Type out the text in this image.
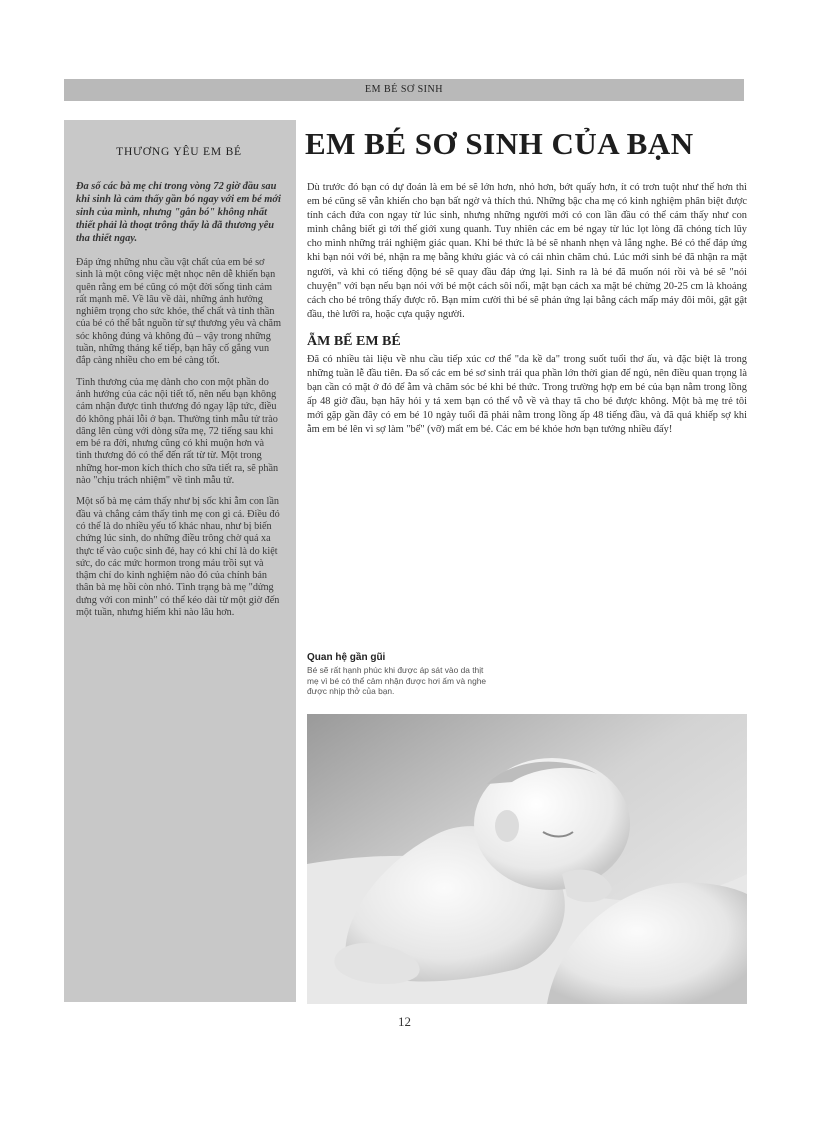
EM BÉ SƠ SINH
THƯƠNG YÊU EM BÉ

Đa số các bà mẹ chỉ trong vòng 72 giờ đầu sau khi sinh là cảm thấy gần bó ngay với em bé mới sinh của mình, nhưng "gắn bó" không nhất thiết phải là thoạt trông thấy là đã thương yêu tha thiết ngay.

Đáp ứng những nhu cầu vật chất của em bé sơ sinh là một công việc mệt nhọc nên dễ khiến bạn quên rằng em bé cũng có một đời sống tình cảm rất mạnh mẽ. Về lâu về dài, những ảnh hưởng nghiêm trọng cho sức khỏe, thể chất và tinh thần của bé có thể bắt nguồn từ sự thương yêu và chăm sóc không đúng và không đủ – vậy trong những tuần, những tháng kế tiếp, bạn hãy cố gắng vun đắp càng nhiều cho em bé càng tốt.

Tình thương của mẹ dành cho con một phần do ảnh hưởng của các nội tiết tố, nên nếu bạn không cảm nhận được tình thương đó ngay lập tức, điều đó không phải lỗi ở bạn. Thường tình mẫu tử trào dâng lên cùng với dòng sữa mẹ, 72 tiếng sau khi em bé ra đời, nhưng cũng có khi muộn hơn và tình thương đó có thể đến rất từ từ. Một trong những hor-mon kích thích cho sữa tiết ra, sẽ phần nào "chịu trách nhiệm" về tình mẫu tử.

Một số bà mẹ cảm thấy như bị sốc khi ẵm con lần đầu và chẳng cảm thấy tình mẹ con gì cả. Điều đó có thể là do nhiều yếu tố khác nhau, như bị biến chứng lúc sinh, do những điều trông chờ quá xa thực tế vào cuộc sinh đẻ, hay có khi chỉ là do kiệt sức, do các mức hormon trong máu trồi sụt và thậm chí do kinh nghiệm nào đó của chính bản thân bà mẹ hồi còn nhỏ. Tình trạng bà mẹ "dửng dưng với con mình" có thể kéo dài từ một giờ đến một tuần, nhưng hiếm khi nào lâu hơn.

EM BÉ SƠ SINH CỦA BẠN

Dù trước đó bạn có dự đoán là em bé sẽ lớn hơn, nhỏ hơn, bớt quấy hơn, ít có trơn tuột như thế hơn thì em bé cũng sẽ vẫn khiến cho bạn bất ngờ và thích thú. Những bậc cha mẹ có kinh nghiệm phân biệt được tính cách đứa con ngay từ lúc sinh, nhưng những người mới có con lần đầu có thể cảm thấy như con mình chẳng biết gì tới thế giới xung quanh. Tuy nhiên các em bé ngay từ lúc lọt lòng đã chóng tích lũy cho mình những trải nghiệm giác quan. Khi bé thức là bé sẽ nhanh nhẹn và lắng nghe. Bé có thể đáp ứng khi bạn nói với bé, nhận ra mẹ bằng khứu giác và có cái nhìn chăm chú. Lúc mới sinh bé đã nhận ra mặt người, và khi có tiếng động bé sẽ quay đầu đáp ứng lại. Sinh ra là bé đã muốn nói rồi và bé sẽ "nói chuyện" với bạn nếu bạn nói với bé một cách sôi nổi, mặt bạn cách xa mặt bé chừng 20-25 cm là khoảng cách cho bé trông thấy được rõ. Bạn mỉm cười thì bé sẽ phản ứng lại bằng cách mấp máy đôi môi, gật gật đầu, thè lưỡi ra, hoặc cựa quậy người.

ẴM BẾ EM BÉ

Đã có nhiều tài liệu về nhu cầu tiếp xúc cơ thể "da kề da" trong suốt tuổi thơ ấu, và đặc biệt là trong những tuần lễ đầu tiên. Đa số các em bé sơ sinh trải qua phần lớn thời gian để ngủ, nên điều quan trọng là bạn cần có mặt ở đó để ẵm và chăm sóc bé khi bé thức. Trong trường hợp em bé của bạn nằm trong lồng ấp 48 giờ đầu, bạn hãy hỏi y tá xem bạn có thể vỗ về và thay tã cho bé được không. Một bà mẹ trẻ tôi mới gặp gần đây có em bé 10 ngày tuổi đã phải nằm trong lồng ấp 48 tiếng đầu, và đã quá khiếp sợ khi ẵm em bé lên vì sợ làm "bể" (vỡ) mất em bé. Các em bé khỏe hơn bạn tưởng nhiều đấy!

Quan hệ gần gũi

Bé sẽ rất hạnh phúc khi được áp sát vào da thịt mẹ vì bé có thể cảm nhận được hơi ấm và nghe được nhịp thở của bạn.

12
